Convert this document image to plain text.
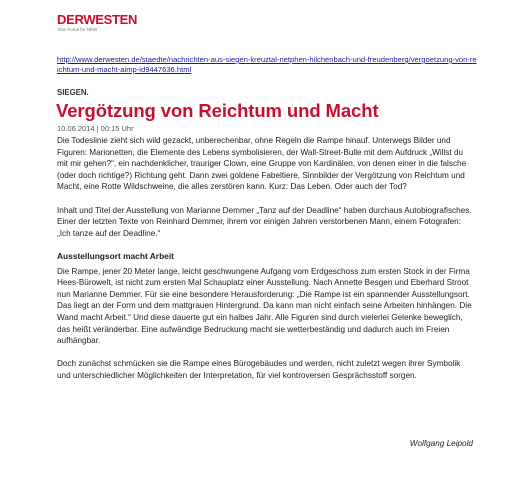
DERWESTEN
Das Portal für NRW
http://www.derwesten.de/staedte/nachrichten-aus-siegen-kreuztal-netphen-hilchenbach-und-freudenberg/vergoetzung-von-reichtum-und-macht-aimp-id9447636.html
SIEGEN.
Vergötzung von Reichtum und Macht
10.06.2014 | 00:15 Uhr

Die Todeslinie zieht sich wild gezackt, unberechenbar, ohne Regeln die Rampe hinauf. Unterwegs Bilder und Figuren: Marionetten, die Elemente des Lebens symbolisieren, der Wall-Street-Bulle mit dem Aufdruck „Willst du mit mir gehen?“, ein nachdenklicher, trauriger Clown, eine Gruppe von Kardinälen, von denen einer in die falsche (oder doch richtige?) Richtung geht. Dann zwei goldene Fabeltiere, Sinnbilder der Vergötzung von Reichtum und Macht, eine Rotte Wildschweine, die alles zerstören kann. Kurz: Das Leben. Oder auch der Tod?

Inhalt und Titel der Ausstellung von Marianne Demmer „Tanz auf der Deadline“ haben durchaus Autobiografisches. Einer der letzten Texte von Reinhard Demmer, ihrem vor einigen Jahren verstorbenen Mann, einem Fotografen: „Ich tanze auf der Deadline.“

Ausstellungsort macht Arbeit

Die Rampe, jener 20 Meter lange, leicht geschwungene Aufgang vom Erdgeschoss zum ersten Stock in der Firma Hees-Bürowelt, ist nicht zum ersten Mal Schauplatz einer Ausstellung. Nach Annette Besgen und Eberhard Stroot nun Marianne Demmer. Für sie eine besondere Herausforderung: „Die Rampe ist ein spannender Ausstellungsort. Das liegt an der Form und dem mattgrauen Hintergrund. Da kann man nicht einfach seine Arbeiten hinhängen. Die Wand macht Arbeit.“ Und diese dauerte gut ein halbes Jahr. Alle Figuren sind durch vielerlei Gelenke beweglich, das heißt veränderbar. Eine aufwändige Bedruckung macht sie wetterbeständig und dadurch auch im Freien aufhängbar.

Doch zunächst schmücken sie die Rampe eines Bürogebäudes und werden, nicht zuletzt wegen ihrer Symbolik und unterschiedlicher Möglichkeiten der Interpretation, für viel kontroversen Gesprächsstoff sorgen.

Wolfgang Leipold
